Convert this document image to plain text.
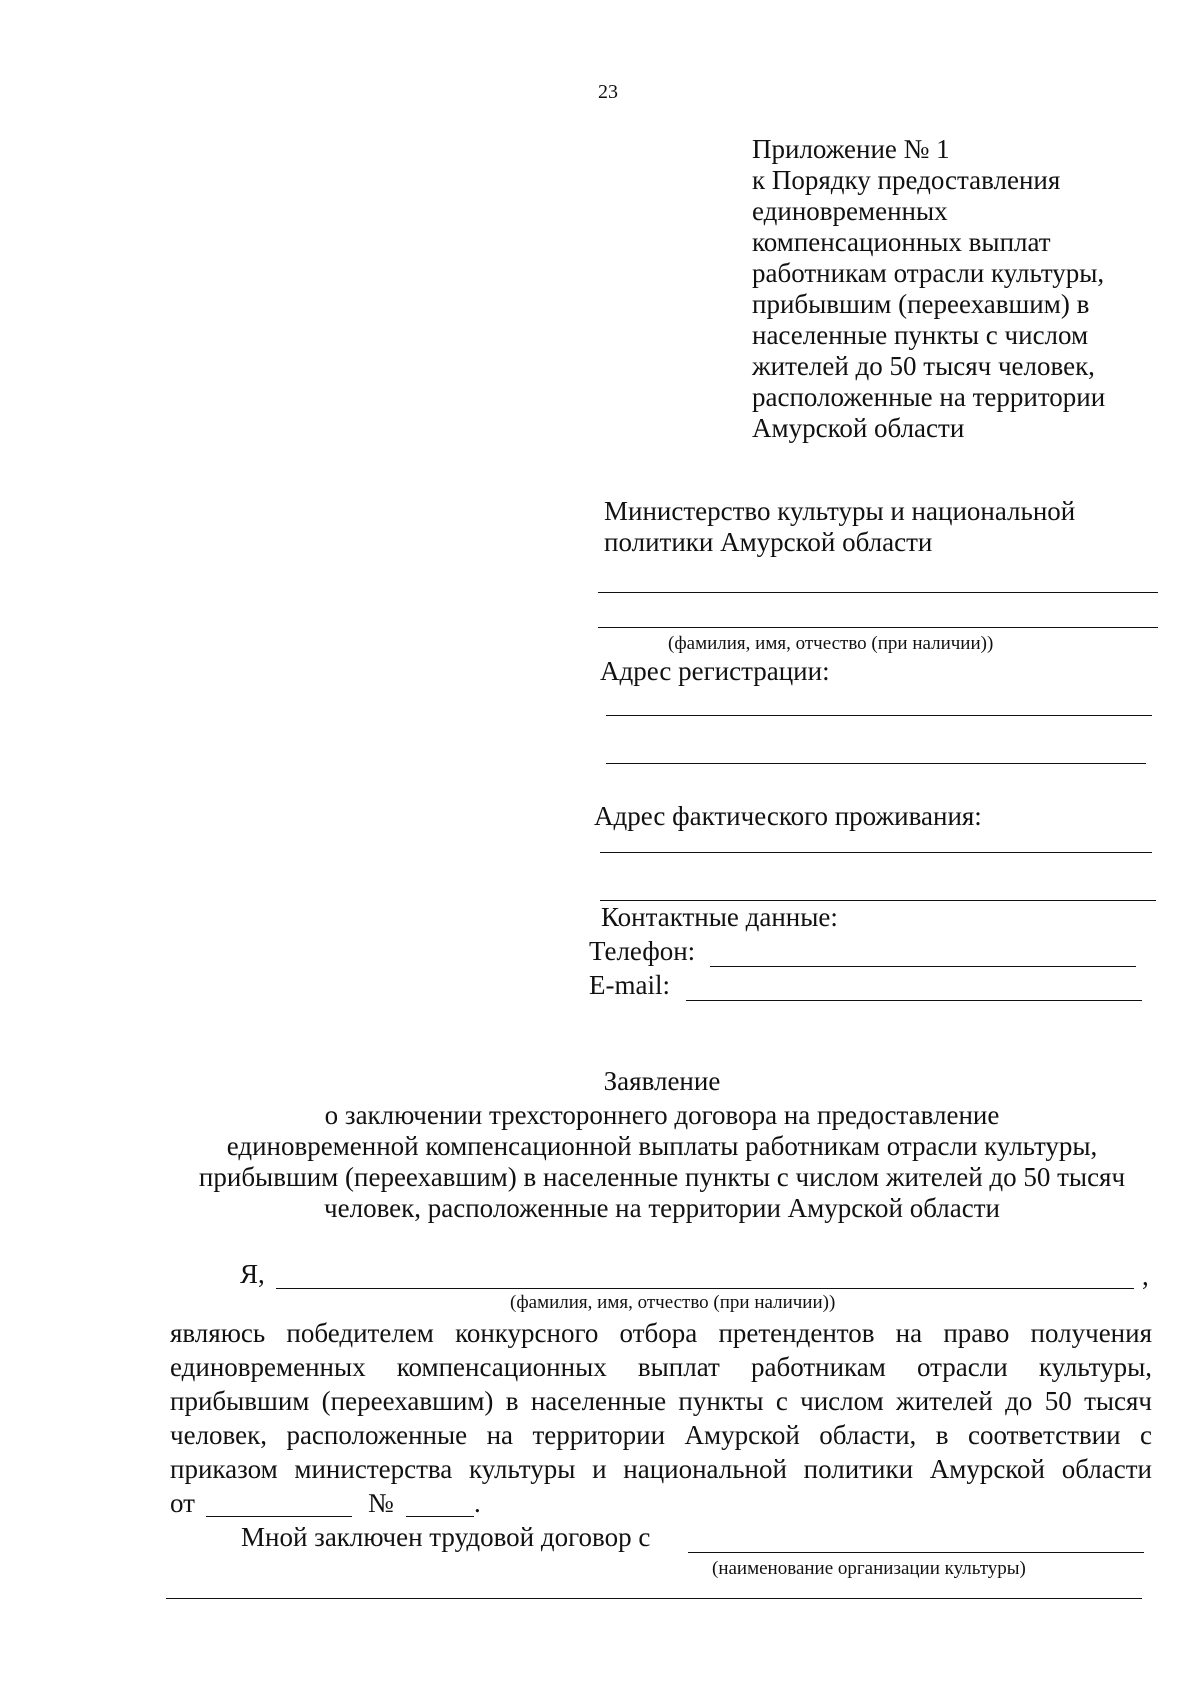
23
Приложение № 1
к Порядку предоставления
единовременных
компенсационных выплат
работникам отрасли культуры,
прибывшим (переехавшим) в
населенные пункты с числом
жителей до 50 тысяч человек,
расположенные на территории
Амурской области
Министерство культуры и национальной
политики Амурской области
(фамилия, имя, отчество (при наличии))
Адрес регистрации:
Адрес фактического проживания:
Контактные данные:
Телефон:
E-mail:
Заявление
о заключении трехстороннего договора на предоставление
единовременной компенсационной выплаты работникам отрасли культуры,
прибывшим (переехавшим) в населенные пункты с числом жителей до 50 тысяч
человек, расположенные на территории Амурской области
Я,	,
(фамилия, имя, отчество (при наличии))
являюсь победителем конкурсного отбора претендентов на право получения
единовременных компенсационных выплат работникам отрасли культуры,
прибывшим (переехавшим) в населенные пункты с числом жителей до 50 тысяч
человек, расположенные на территории Амурской области, в соответствии с
приказом министерства культуры и национальной политики Амурской области
от	№	.
Мной заключен трудовой договор с
(наименование организации культуры)
